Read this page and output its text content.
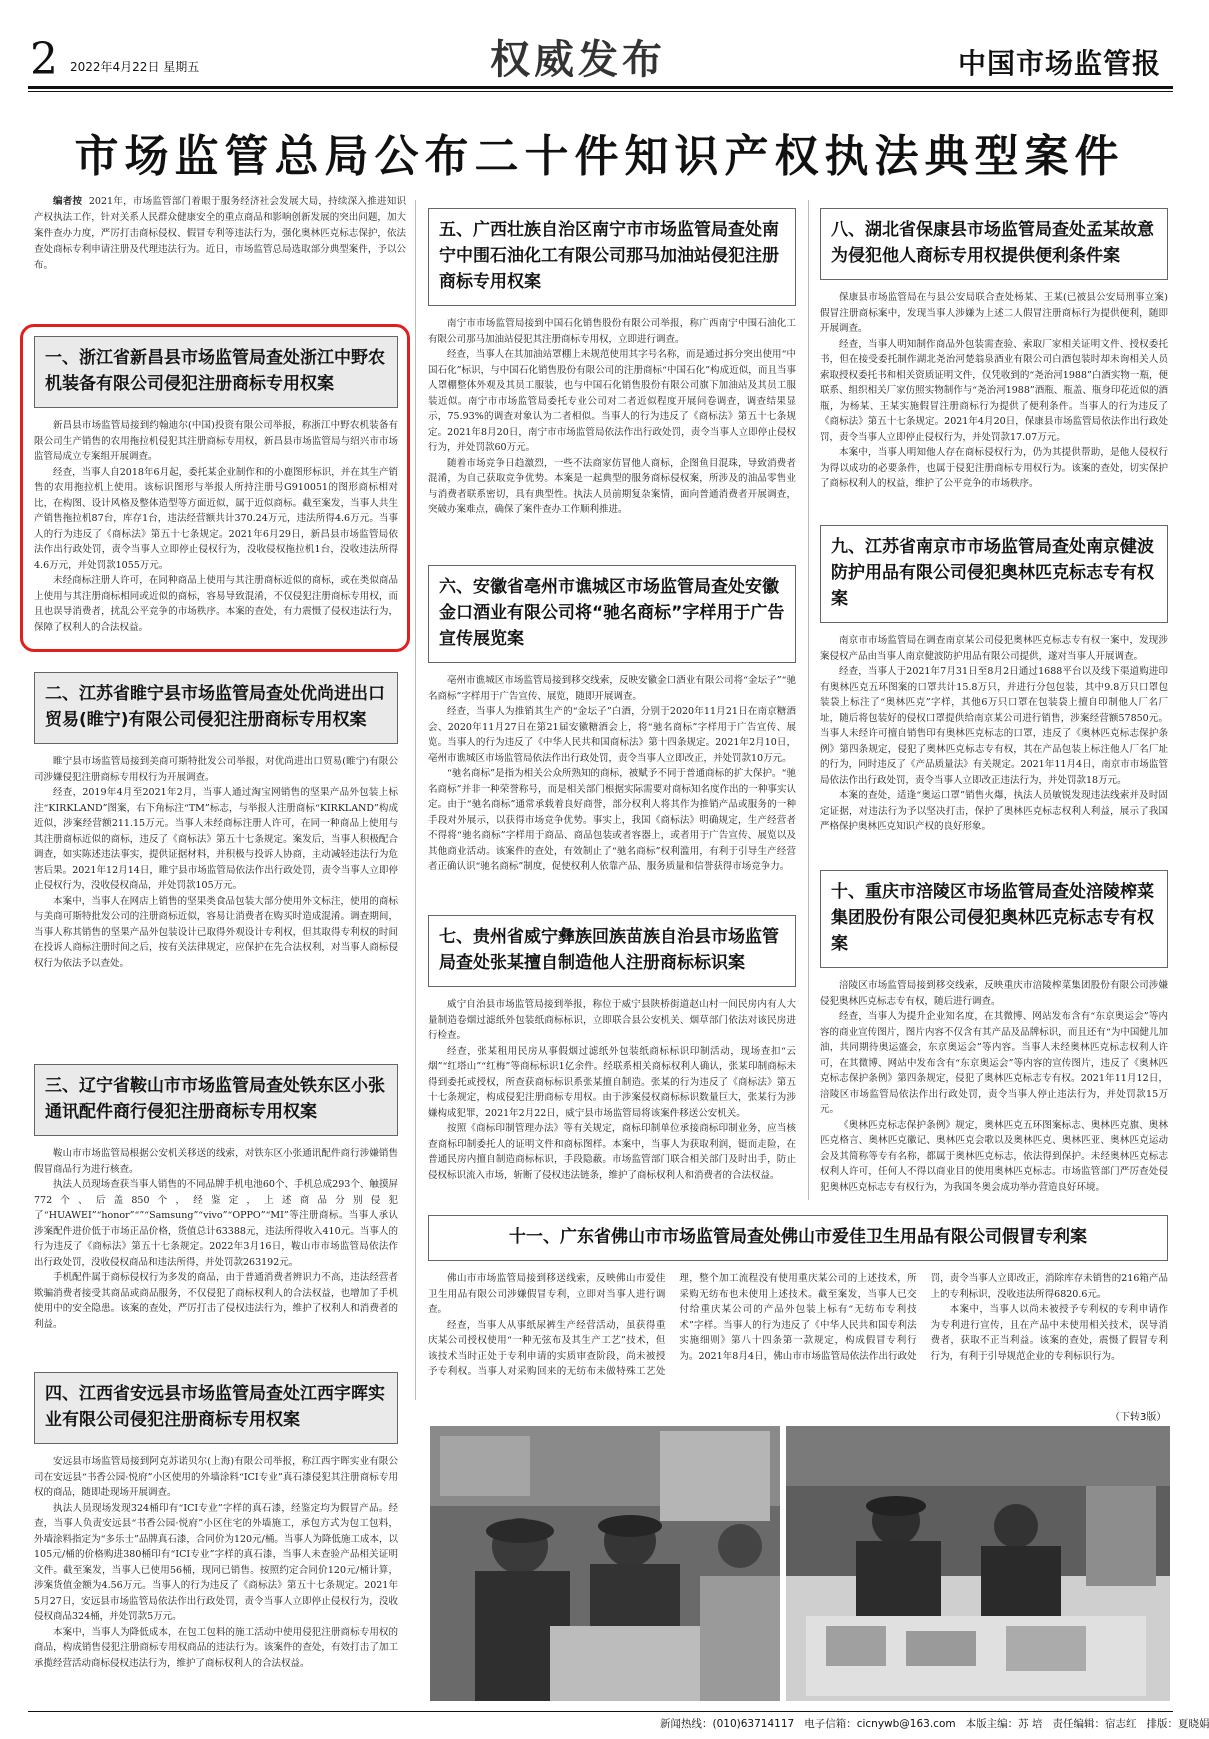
2 2022年4月22日 星期五	权威发布	中国市场监管报
市场监管总局公布二十件知识产权执法典型案件
编者按 2021年，市场监管部门着眼于服务经济社会发展大局，持续深入推进知识产权执法工作，针对关系人民群众健康安全的重点商品和影响创新发展的突出问题，加大案件查办力度，严厉打击商标侵权、假冒专利等违法行为，强化奥林匹克标志保护，依法查处商标专利申请注册及代理违法行为。近日，市场监管总局选取部分典型案件，予以公布。
一、浙江省新昌县市场监管局查处浙江中野农机装备有限公司侵犯注册商标专用权案

新昌县市场监管局接到约翰迪尔(中国)投资有限公司举报，称浙江中野农机装备有限公司生产销售的农用拖拉机侵犯其注册商标专用权，新昌县市场监管局与绍兴市市场监管局成立专案组开展调查。

经查，当事人自2018年6月起，委托某企业制作和的小鹿图形标识，并在其生产销售的农用拖拉机上使用。该标识图形与举报人所持注册号G910051的图形商标相对比，在构图、设计风格及整体造型等方面近似，属于近似商标。截至案发，当事人共生产销售拖拉机87台，库存1台，违法经营额共计370.24万元，违法所得4.6万元。当事人的行为违反了《商标法》第五十七条规定。2021年6月29日，新昌县市场监管局依法作出行政处罚，责令当事人立即停止侵权行为，没收侵权拖拉机1台，没收违法所得4.6万元，并处罚款1055万元。

未经商标注册人许可，在同种商品上使用与其注册商标近似的商标，或在类似商品上使用与其注册商标相同或近似的商标，容易导致混淆，不仅侵犯注册商标专用权，而且也误导消费者，扰乱公平竞争的市场秩序。本案的查处，有力震慑了侵权违法行为，保障了权利人的合法权益。

二、江苏省睢宁县市场监管局查处优尚进出口贸易(睢宁)有限公司侵犯注册商标专用权案

睢宁县市场监管局接到美商可斯特批发公司举报，对优尚进出口贸易(睢宁)有限公司涉嫌侵犯注册商标专用权行为开展调查。

经查，2019年4月至2021年2月，当事人通过淘宝网销售的坚果产品外包装上标注“KIRKLAND”图案，右下角标注“TM”标志，与举报人注册商标“KIRKLAND”构成近似，涉案经营额211.15万元。当事人未经商标注册人许可，在同一种商品上使用与其注册商标近似的商标，违反了《商标法》第五十七条规定。案发后，当事人积极配合调查，如实陈述违法事实，提供证据材料，并积极与投诉人协商，主动减轻违法行为危害后果。2021年12月14日，睢宁县市场监管局依法作出行政处罚，责令当事人立即停止侵权行为，没收侵权商品，并处罚款105万元。

本案中，当事人在网店上销售的坚果类食品包装大部分使用外文标注，使用的商标与美商可斯特批发公司的注册商标近似，容易让消费者在购买时造成混淆。调查期间，当事人称其销售的坚果产品外包装设计已取得外观设计专利权，但其取得专利权的时间在投诉人商标注册时间之后，按有关法律规定，应保护在先合法权利，对当事人商标侵权行为依法予以查处。

三、辽宁省鞍山市市场监管局查处铁东区小张通讯配件商行侵犯注册商标专用权案

鞍山市市场监管局根据公安机关移送的线索，对铁东区小张通讯配件商行涉嫌销售假冒商品行为进行核查。

执法人员现场查获当事人销售的不同品牌手机电池60个、手机总成293个、触摸屏772个、后盖850个，经鉴定，上述商品分别侵犯了“HUAWEI”“honor”“”“Samsung”“vivo”“OPPO”“MI”等注册商标。当事人承认涉案配件进价低于市场正品价格，货值总计63388元，违法所得收入410元。当事人的行为违反了《商标法》第五十七条规定。2022年3月16日，鞍山市市场监管局依法作出行政处罚，没收侵权商品和违法所得，并处罚款263192元。

手机配件属于商标侵权行为多发的商品，由于普通消费者辨识力不高，违法经营者欺骗消费者接受其商品或商品服务，不仅侵犯了商标权利人的合法权益，也增加了手机使用中的安全隐患。该案的查处，严厉打击了侵权违法行为，维护了权利人和消费者的利益。

四、江西省安远县市场监管局查处江西宇晖实业有限公司侵犯注册商标专用权案

安远县市场监管局接到阿克苏诺贝尔(上海)有限公司举报，称江西宇晖实业有限公司在安远县“书香公园·悦府”小区使用的外墙涂料“ICI专业”真石漆侵犯其注册商标专用权的商品，随即赴现场开展调查。

执法人员现场发现324桶印有“ICI专业”字样的真石漆，经鉴定均为假冒产品。经查，当事人负责安远县“书香公园·悦府”小区住宅的外墙施工，承包方式为包工包料，外墙涂料指定为“多乐士”品牌真石漆，合同价为120元/桶。当事人为降低施工成本，以105元/桶的价格购进380桶印有“ICI专业”字样的真石漆，当事人未查验产品相关证明文件。截至案发，当事人已使用56桶，现同已销售。按照约定合同价120元/桶计算，涉案货值金额为4.56万元。当事人的行为违反了《商标法》第五十七条规定。2021年5月27日，安远县市场监管局依法作出行政处罚，责令当事人立即停止侵权行为，没收侵权商品324桶，并处罚款5万元。

本案中，当事人为降低成本，在包工包料的施工活动中使用侵犯注册商标专用权的商品，构成销售侵犯注册商标专用权商品的违法行为。该案件的查处，有效打击了加工承揽经营活动商标侵权违法行为，维护了商标权利人的合法权益。

五、广西壮族自治区南宁市市场监管局查处南宁中围石油化工有限公司那马加油站侵犯注册商标专用权案

南宁市市场监管局接到中国石化销售股份有限公司举报，称广西南宁中围石油化工有限公司那马加油站侵犯其注册商标专用权，立即进行调查。

经查，当事人在其加油站罩棚上未规范使用其字号名称，而是通过拆分突出使用“中国石化”标识，与中国石化销售股份有限公司的注册商标“中国石化”构成近似，而且当事人罩棚整体外观及其员工服装，也与中国石化销售股份有限公司旗下加油站及其员工服装近似。南宁市市场监管局委托专业公司对二者近似程度开展问卷调查，调查结果显示，75.93%的调查对象认为二者相似。当事人的行为违反了《商标法》第五十七条规定。2021年8月20日，南宁市市场监管局依法作出行政处罚，责令当事人立即停止侵权行为，并处罚款60万元。

随着市场竞争日趋激烈，一些不法商家仿冒他人商标，企图鱼目混珠，导致消费者混淆，为自己获取竞争优势。本案是一起典型的服务商标侵权案，所涉及的油品零售业与消费者联系密切，具有典型性。执法人员前期复杂案情，面向普通消费者开展调查，突破办案难点，确保了案件查办工作顺利推进。

六、安徽省亳州市谯城区市场监管局查处安徽金口酒业有限公司将“驰名商标”字样用于广告宣传展览案

亳州市谯城区市场监管局接到移交线索，反映安徽金口酒业有限公司将“金坛子”“驰名商标”字样用于广告宣传、展览，随即开展调查。

经查，当事人为推销其生产的“金坛子”白酒，分别于2020年11月21日在南京糖酒会、2020年11月27日在第21届安徽糖酒会上，将“驰名商标”字样用于广告宣传、展览。当事人的行为违反了《中华人民共和国商标法》第十四条规定。2021年2月10日，亳州市谯城区市场监管局依法作出行政处罚，责令当事人立即改正，并处罚款10万元。

“驰名商标”是指为相关公众所熟知的商标，被赋予不同于普通商标的扩大保护。“驰名商标”并非一种荣誉称号，而是相关部门根据实际需要对商标知名度作出的一种事实认定。由于“驰名商标”通常承载着良好商誉，部分权利人将其作为推销产品或服务的一种手段对外展示，以获得市场竞争优势。事实上，我国《商标法》明确规定，生产经营者不得将“驰名商标”字样用于商品、商品包装或者容器上，或者用于广告宣传、展览以及其他商业活动。该案件的查处，有效制止了“驰名商标”权利滥用，有利于引导生产经营者正确认识“驰名商标”制度，促使权利人依靠产品、服务质量和信誉获得市场竞争力。

七、贵州省威宁彝族回族苗族自治县市场监管局查处张某擅自制造他人注册商标标识案

威宁自治县市场监管局接到举报，称位于威宁县陕桥街道赵山村一间民房内有人大量制造卷烟过滤纸外包装纸商标标识，立即联合县公安机关、烟草部门依法对该民房进行检查。

经查，张某租用民房从事假烟过滤纸外包装纸商标标识印制活动，现场查扣“云烟”“红塔山”“红梅”等商标标识1亿余件。经联系相关商标权利人确认，张某印制商标未得到委托或授权，所查获商标标识系张某擅自制造。张某的行为违反了《商标法》第五十七条规定，构成侵犯注册商标专用权。由于涉案侵权商标标识数量巨大，张某行为涉嫌构成犯罪，2021年2月22日，威宁县市场监管局将该案件移送公安机关。

按照《商标印制管理办法》等有关规定，商标印制单位承接商标印制业务，应当核查商标印制委托人的证明文件和商标图样。本案中，当事人为获取利润，铤而走险，在普通民房内擅自制造商标标识，手段隐蔽。市场监管部门联合相关部门及时出手，防止侵权标识流入市场，斩断了侵权违法链条，维护了商标权利人和消费者的合法权益。

八、湖北省保康县市场监管局查处孟某故意为侵犯他人商标专用权提供便利条件案

保康县市场监管局在与县公安局联合查处杨某、王某(已被县公安局刑事立案)假冒注册商标案中，发现当事人涉嫌为上述二人假冒注册商标行为提供便利，随即开展调查。

经查，当事人明知制作商品外包装需查验、索取厂家相关证明文件、授权委托书，但在接受委托制作湖北尧治河楚翁泉酒业有限公司白酒包装时却未询相关人员索取授权委托书和相关资质证明文件，仅凭收到的“尧治河1988”白酒实物一瓶，便联系、组织相关厂家仿照实物制作与“尧治河1988”酒瓶、瓶盖、瓶身印花近似的酒瓶，为杨某、王某实施假冒注册商标行为提供了便利条件。当事人的行为违反了《商标法》第五十七条规定。2021年4月20日，保康县市场监管局依法作出行政处罚，责令当事人立即停止侵权行为，并处罚款17.07万元。

本案中，当事人明知他人存在商标侵权行为，仍为其提供帮助，是他人侵权行为得以成功的必要条件，也属于侵犯注册商标专用权行为。该案的查处，切实保护了商标权利人的权益，维护了公平竞争的市场秩序。

九、江苏省南京市市场监管局查处南京健波防护用品有限公司侵犯奥林匹克标志专有权案

南京市市场监管局在调查南京某公司侵犯奥林匹克标志专有权一案中，发现涉案侵权产品由当事人南京健波防护用品有限公司提供，遂对当事人开展调查。

经查，当事人于2021年7月31日至8月2日通过1688平台以及线下渠道购进印有奥林匹克五环图案的口罩共计15.8万只，并进行分包包装，其中9.8万只口罩包装袋上标注了“奥林匹克”字样，其他6万只口罩在包装袋上擅自印制他人厂名厂址，随后将包装好的侵权口罩提供给南京某公司进行销售，涉案经营额57850元。当事人未经许可擅自销售印有奥林匹克标志的口罩，违反了《奥林匹克标志保护条例》第四条规定，侵犯了奥林匹克标志专有权，其在产品包装上标注他人厂名厂址的行为，同时违反了《产品质量法》有关规定。2021年11月4日，南京市市场监管局依法作出行政处罚，责令当事人立即改正违法行为，并处罚款18万元。

本案的查处，适逢“奥运口罩”销售火爆，执法人员敏锐发现违法线索并及时固定证据，对违法行为予以坚决打击，保护了奥林匹克标志权利人利益，展示了我国严格保护奥林匹克知识产权的良好形象。

十、重庆市涪陵区市场监管局查处涪陵榨菜集团股份有限公司侵犯奥林匹克标志专有权案

涪陵区市场监管局接到移交线索，反映重庆市涪陵榨菜集团股份有限公司涉嫌侵犯奥林匹克标志专有权，随后进行调查。

经查，当事人为提升企业知名度，在其微博、网站发布含有“东京奥运会”等内容的商业宣传图片，图片内容不仅含有其产品及品牌标识，而且还有“为中国健儿加油，共同期待奥运盛会，东京奥运会”等内容。当事人未经奥林匹克标志权利人许可，在其微博、网站中发布含有“东京奥运会”等内容的宣传图片，违反了《奥林匹克标志保护条例》第四条规定，侵犯了奥林匹克标志专有权。2021年11月12日，涪陵区市场监管局依法作出行政处罚，责令当事人停止违法行为，并处罚款15万元。

《奥林匹克标志保护条例》规定，奥林匹克五环图案标志、奥林匹克旗、奥林匹克格言、奥林匹克徽记、奥林匹克会歌以及奥林匹克、奥林匹亚、奥林匹克运动会及其简称等专有名称，都属于奥林匹克标志，依法得到保护。未经奥林匹克标志权利人许可，任何人不得以商业目的使用奥林匹克标志。市场监管部门严厉查处侵犯奥林匹克标志专有权行为，为我国冬奥会成功举办营造良好环境。

十一、广东省佛山市市场监管局查处佛山市爱佳卫生用品有限公司假冒专利案

佛山市市场监管局接到移送线索，反映佛山市爱佳卫生用品有限公司涉嫌假冒专利，立即对当事人进行调查。

经查，当事人从事纸尿裤生产经营活动，虽获得重庆某公司授权使用“一种无弦布及其生产工艺”技术，但该技术当时正处于专利申请的实质审查阶段，尚未被授予专利权。当事人对采购回来的无纺布未做特殊工艺处理，整个加工流程没有使用重庆某公司的上述技术，所采购无纺布也未使用上述技术。截至案发，当事人已交付给重庆某公司的产品外包装上标有“无纺布专利技术”字样。当事人的行为违反了《中华人民共和国专利法实施细则》第八十四条第一款规定，构成假冒专利行为。2021年8月4日，佛山市市场监管局依法作出行政处罚，责令当事人立即改正，消除库存未销售的216箱产品上的专利标识，没收违法所得6820.6元。

本案中，当事人以尚未被授予专利权的专利申请作为专利进行宣传，且在产品中未使用相关技术，误导消费者，获取不正当利益。该案的查处，震慑了假冒专利行为，有利于引导规范企业的专利标识行为。

（下转3版）
新闻热线：(010)63714117 电子信箱：cicnywb@163.com 本版主编：苏 培 责任编辑：宿志红 排版：夏晓娟
